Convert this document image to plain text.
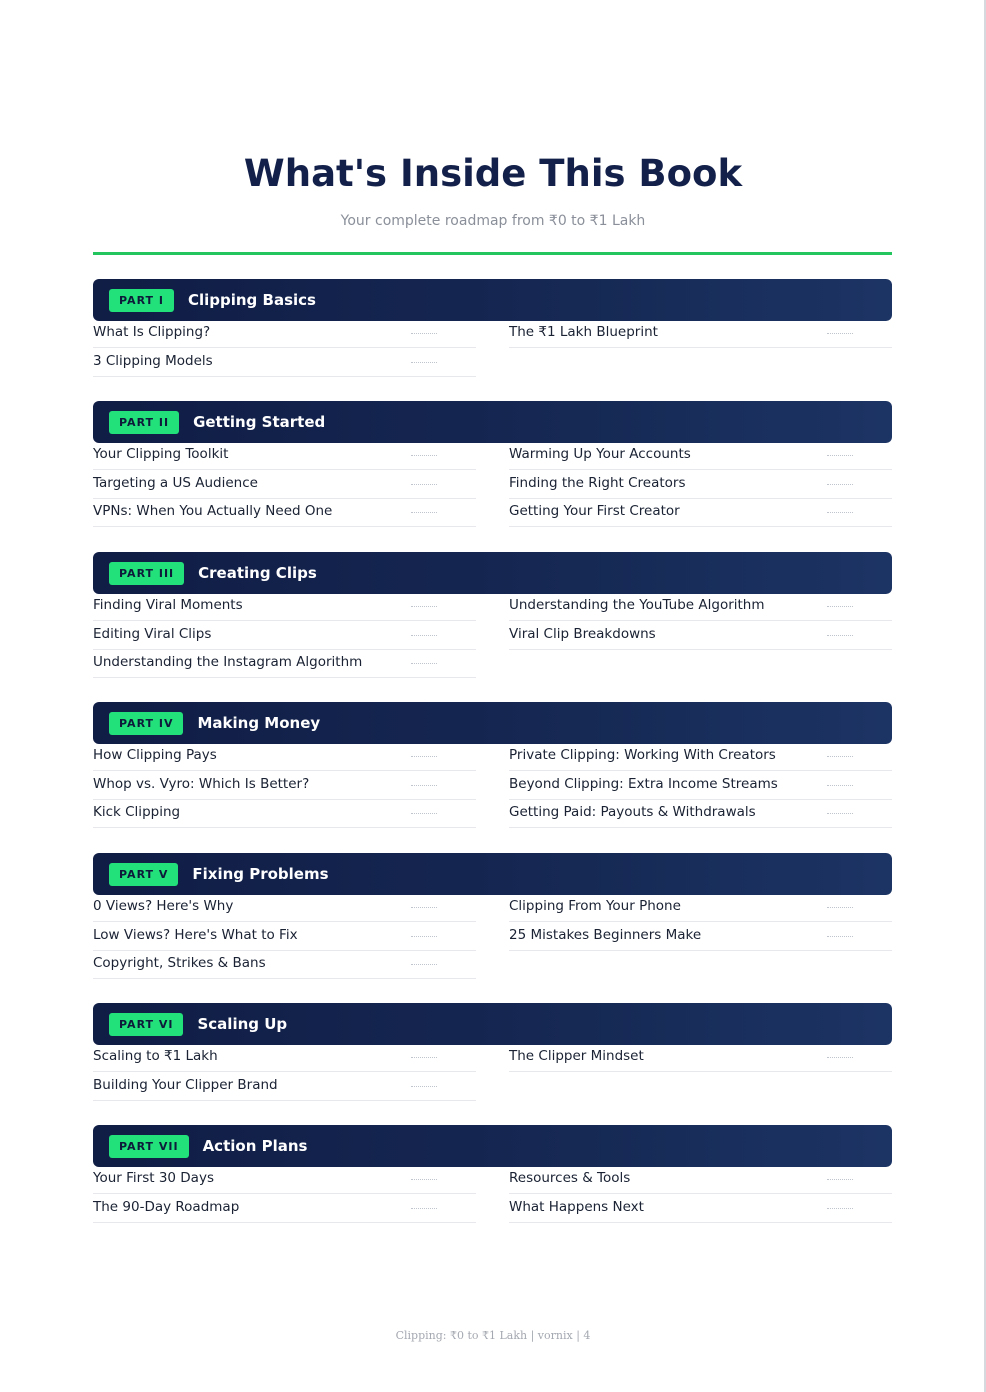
What's Inside This Book
Your complete roadmap from ₹0 to ₹1 Lakh
PART I	Clipping Basics
What Is Clipping?
3 Clipping Models
The ₹1 Lakh Blueprint
PART II	Getting Started
Your Clipping Toolkit
Targeting a US Audience
VPNs: When You Actually Need One
Warming Up Your Accounts
Finding the Right Creators
Getting Your First Creator
PART III	Creating Clips
Finding Viral Moments
Editing Viral Clips
Understanding the Instagram Algorithm
Understanding the YouTube Algorithm
Viral Clip Breakdowns
PART IV	Making Money
How Clipping Pays
Whop vs. Vyro: Which Is Better?
Kick Clipping
Private Clipping: Working With Creators
Beyond Clipping: Extra Income Streams
Getting Paid: Payouts & Withdrawals
PART V	Fixing Problems
0 Views? Here's Why
Low Views? Here's What to Fix
Copyright, Strikes & Bans
Clipping From Your Phone
25 Mistakes Beginners Make
PART VI	Scaling Up
Scaling to ₹1 Lakh
Building Your Clipper Brand
The Clipper Mindset
PART VII	Action Plans
Your First 30 Days
The 90-Day Roadmap
Resources & Tools
What Happens Next
Clipping: ₹0 to ₹1 Lakh | vornix | 4
